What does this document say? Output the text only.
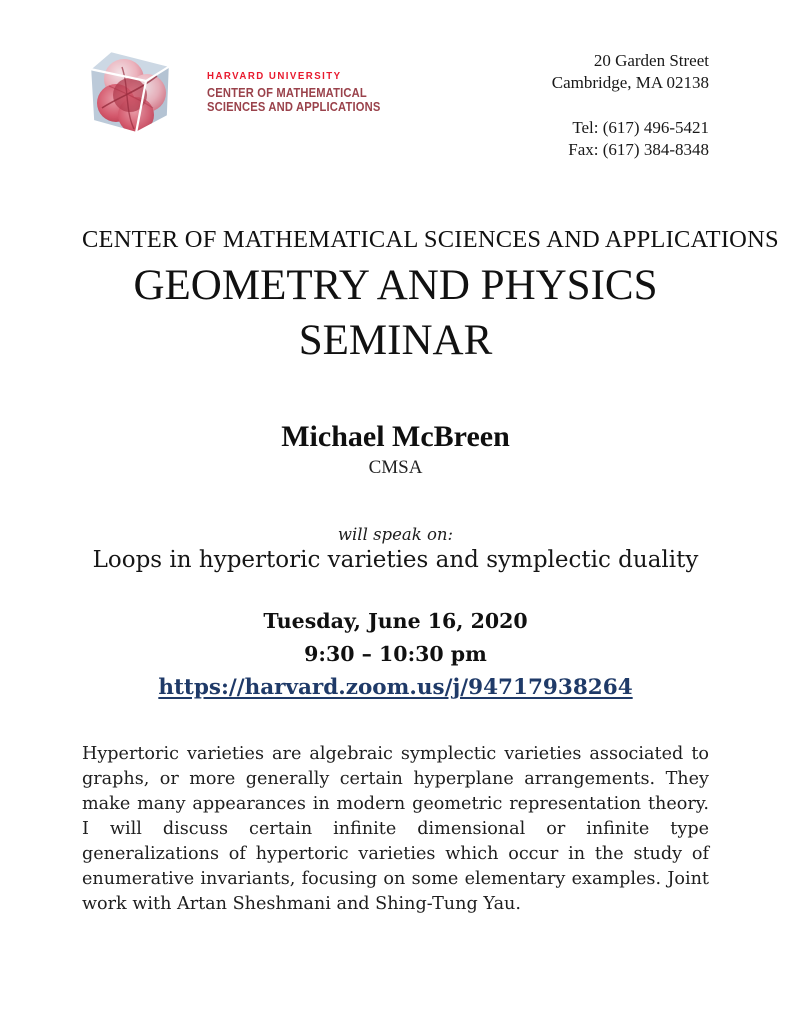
HARVARD UNIVERSITY
CENTER OF MATHEMATICAL
SCIENCES AND APPLICATIONS
20 Garden Street
Cambridge, MA 02138
Tel: (617) 496-5421
Fax: (617) 384-8348
CENTER OF MATHEMATICAL SCIENCES AND APPLICATIONS
GEOMETRY AND PHYSICS SEMINAR
Michael McBreen
CMSA
will speak on:
Loops in hypertoric varieties and symplectic duality
Tuesday, June 16, 2020
9:30 – 10:30 pm
https://harvard.zoom.us/j/94717938264

Hypertoric varieties are algebraic symplectic varieties associated to graphs, or more generally certain hyperplane arrangements. They make many appearances in modern geometric representation theory. I will discuss certain infinite dimensional or infinite type generalizations of hypertoric varieties which occur in the study of enumerative invariants, focusing on some elementary examples. Joint work with Artan Sheshmani and Shing-Tung Yau.
